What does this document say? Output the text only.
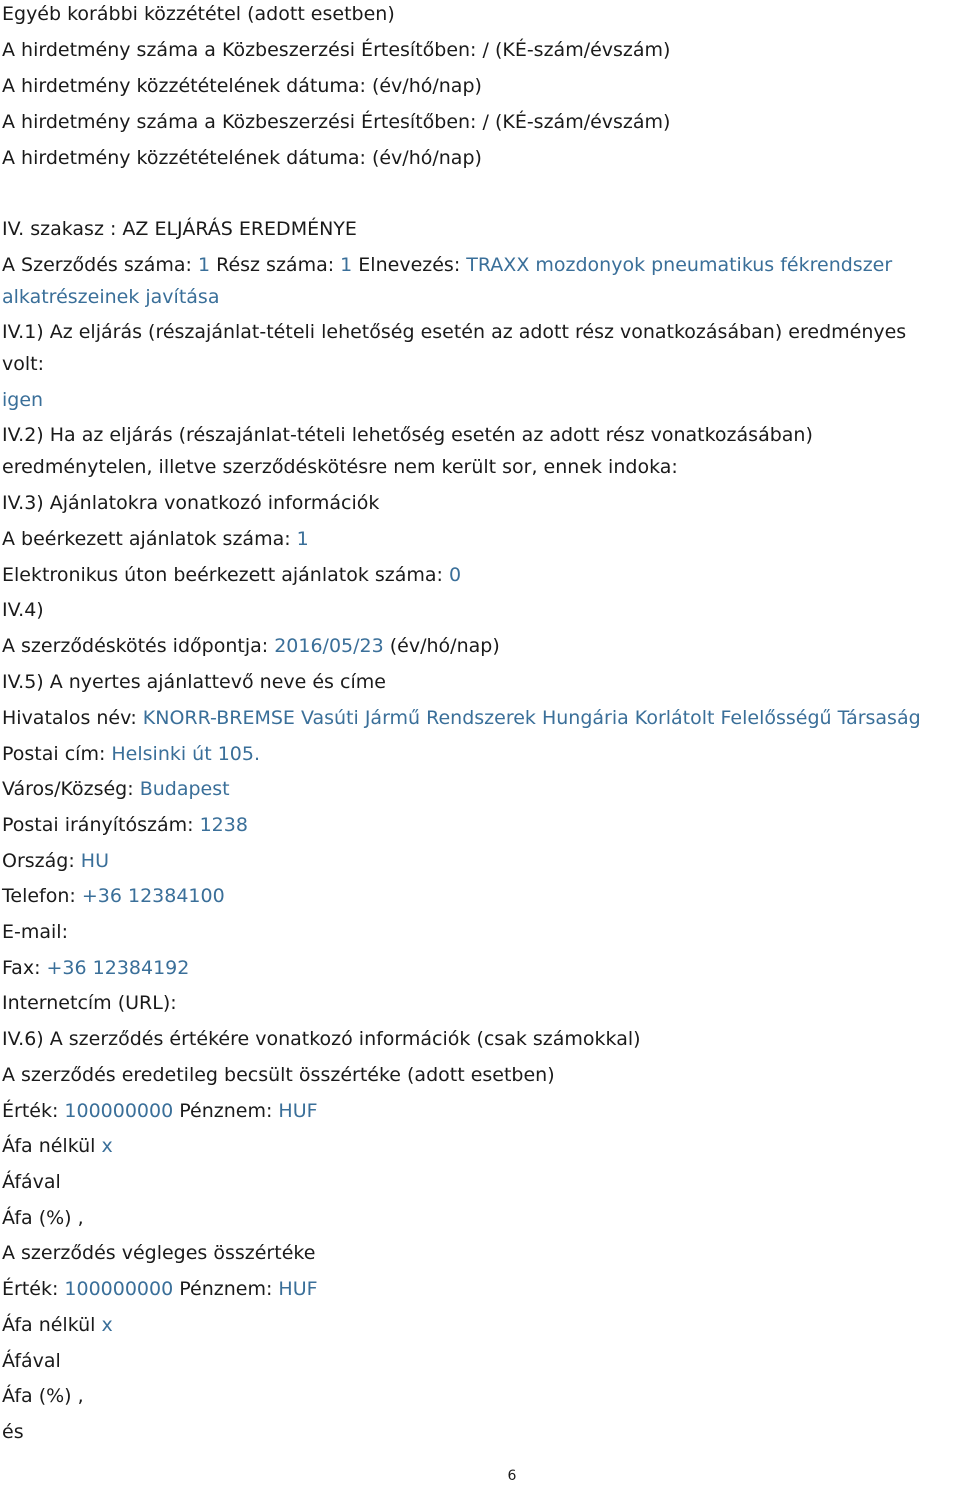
Egyéb korábbi közzététel (adott esetben)
A hirdetmény száma a Közbeszerzési Értesítőben: / (KÉ-szám/évszám)
A hirdetmény közzétételének dátuma: (év/hó/nap)
A hirdetmény száma a Közbeszerzési Értesítőben: / (KÉ-szám/évszám)
A hirdetmény közzétételének dátuma: (év/hó/nap)
IV. szakasz : AZ ELJÁRÁS EREDMÉNYE
A Szerződés száma: 1 Rész száma: 1 Elnevezés: TRAXX mozdonyok pneumatikus fékrendszer
alkatrészeinek javítása
IV.1) Az eljárás (részajánlat-tételi lehetőség esetén az adott rész vonatkozásában) eredményes
volt:
igen
IV.2) Ha az eljárás (részajánlat-tételi lehetőség esetén az adott rész vonatkozásában)
eredménytelen, illetve szerződéskötésre nem került sor, ennek indoka:
IV.3) Ajánlatokra vonatkozó információk
A beérkezett ajánlatok száma: 1
Elektronikus úton beérkezett ajánlatok száma: 0
IV.4)
A szerződéskötés időpontja: 2016/05/23 (év/hó/nap)
IV.5) A nyertes ajánlattevő neve és címe
Hivatalos név: KNORR-BREMSE Vasúti Jármű Rendszerek Hungária Korlátolt Felelősségű Társaság
Postai cím: Helsinki út 105.
Város/Község: Budapest
Postai irányítószám: 1238
Ország: HU
Telefon: +36 12384100
E-mail:
Fax: +36 12384192
Internetcím (URL):
IV.6) A szerződés értékére vonatkozó információk (csak számokkal)
A szerződés eredetileg becsült összértéke (adott esetben)
Érték: 100000000 Pénznem: HUF
Áfa nélkül x
Áfával
Áfa (%) ,
A szerződés végleges összértéke
Érték: 100000000 Pénznem: HUF
Áfa nélkül x
Áfával
Áfa (%) ,
és
6
